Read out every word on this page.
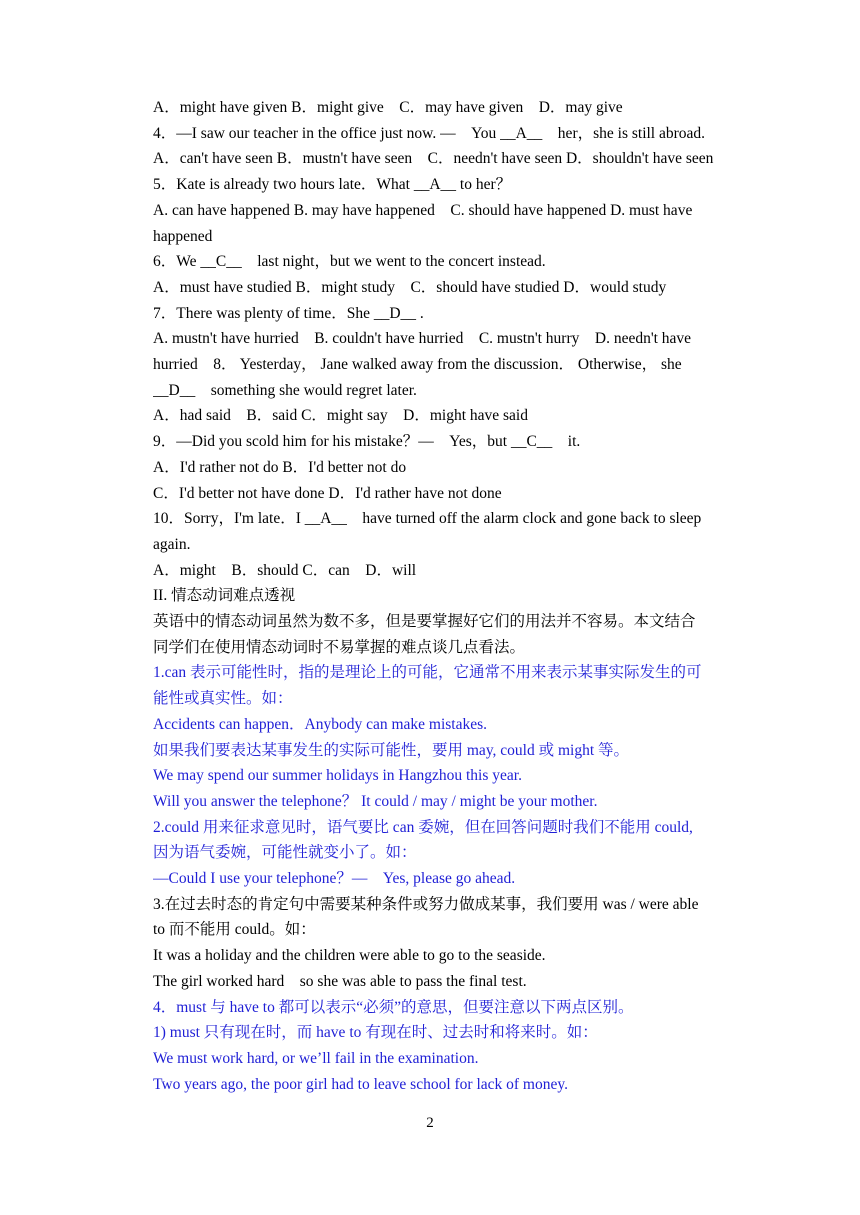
A．might have given B．might give　C．may have given　D．may give
4．—I saw our teacher in the office just now. —　You __A__　her，she is still abroad.
A．can't have seen B．mustn't have seen　C．needn't have seen D．shouldn't have seen
5．Kate is already two hours late．What __A__ to her？
A. can have happened B. may have happened　C. should have happened D. must have
happened
6．We __C__　last night，but we went to the concert instead.
A．must have studied B．might study　C．should have studied D．would study
7．There was plenty of time．She __D__ .
A. mustn't have hurried　B. couldn't have hurried　C. mustn't hurry　D. needn't have
hurried　8． Yesterday， Jane walked away from the discussion． Otherwise， she
__D__　something she would regret later.
A．had said　B．said C．might say　D．might have said
9．—Did you scold him for his mistake？—　Yes，but __C__　it.
A．I'd rather not do B．I'd better not do
C．I'd better not have done D．I'd rather have not done
10．Sorry，I'm late．I __A__　have turned off the alarm clock and gone back to sleep
again.
A．might　B．should C．can　D．will
II. 情态动词难点透视
英语中的情态动词虽然为数不多，但是要掌握好它们的用法并不容易。本文结合
同学们在使用情态动词时不易掌握的难点谈几点看法。
1.can 表示可能性时，指的是理论上的可能，它通常不用来表示某事实际发生的可
能性或真实性。如：
Accidents can happen．Anybody can make mistakes.
如果我们要表达某事发生的实际可能性，要用 may, could 或 might 等。
We may spend our summer holidays in Hangzhou this year.
Will you answer the telephone？ It could / may / might be your mother.
2.could 用来征求意见时，语气要比 can 委婉，但在回答问题时我们不能用 could,
因为语气委婉，可能性就变小了。如：
—Could I use your telephone？—　Yes, please go ahead.
3.在过去时态的肯定句中需要某种条件或努力做成某事，我们要用 was / were able
to 而不能用 could。如：
It was a holiday and the children were able to go to the seaside.
The girl worked hard　so she was able to pass the final test.
4．must 与 have to 都可以表示“必须”的意思，但要注意以下两点区别。
1) must 只有现在时，而 have to 有现在时、过去时和将来时。如：
We must work hard, or we’ll fail in the examination.
Two years ago, the poor girl had to leave school for lack of money.
2
